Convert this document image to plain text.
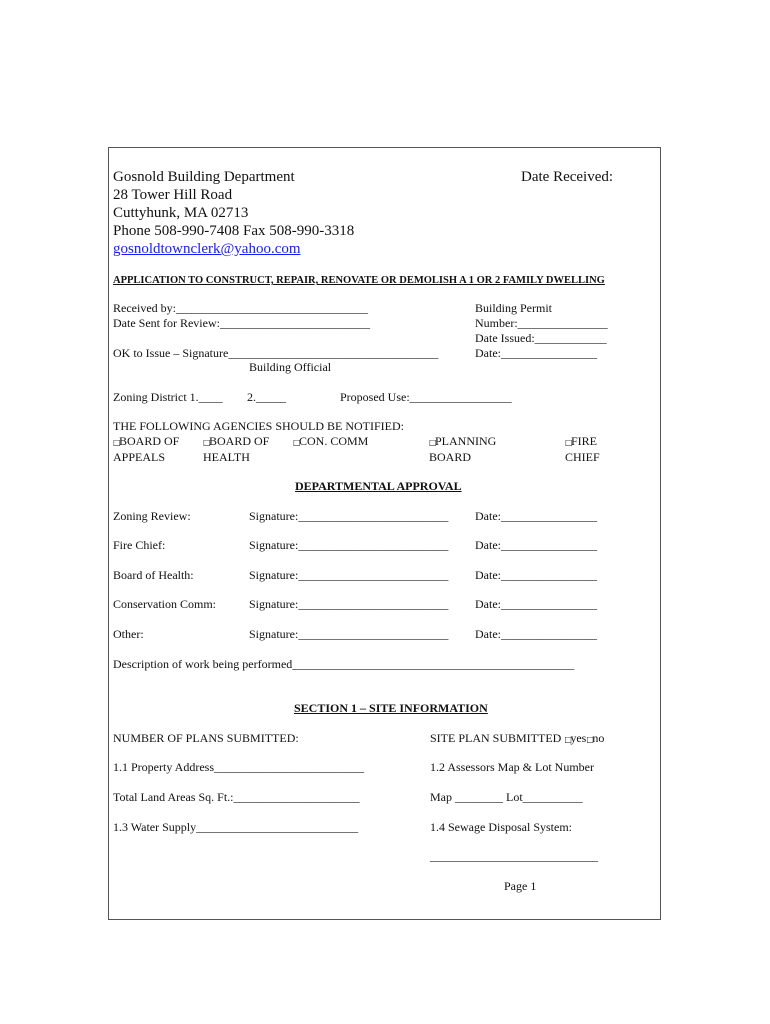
Gosnold Building Department
28 Tower Hill Road
Cuttyhunk, MA 02713
Phone 508-990-7408 Fax 508-990-3318
gosnoldtownclerk@yahoo.com
Date Received:
APPLICATION TO CONSTRUCT, REPAIR, RENOVATE OR DEMOLISH A 1 OR 2 FAMILY DWELLING
Received by:________________________________
Date Sent for Review:_________________________
OK to Issue – Signature___________________________________
Building Official
Building Permit
Number:_______________
Date Issued:____________
Date:________________
Zoning District 1.____ 2._____	Proposed Use:_________________
THE FOLLOWING AGENCIES SHOULD BE NOTIFIED:
□BOARD OF
APPEALS
□BOARD OF
HEALTH
□CON. COMM	□PLANNING
BOARD
□FIRE
CHIEF
DEPARTMENTAL APPROVAL
Zoning Review:	Signature:_________________________ Date:________________
Fire Chief:	Signature:_________________________ Date:________________
Board of Health:	Signature:_________________________ Date:________________
Conservation Comm:	Signature:_________________________ Date:________________
Other:	Signature:_________________________ Date:________________
Description of work being performed_______________________________________________
SECTION 1 – SITE INFORMATION
NUMBER OF PLANS SUBMITTED:	SITE PLAN SUBMITTED □yes□no
1.1 Property Address_________________________	1.2 Assessors Map & Lot Number
Total Land Areas Sq. Ft.:_____________________	Map ________ Lot__________
1.3 Water Supply___________________________	1.4 Sewage Disposal System:
____________________________
Page 1
